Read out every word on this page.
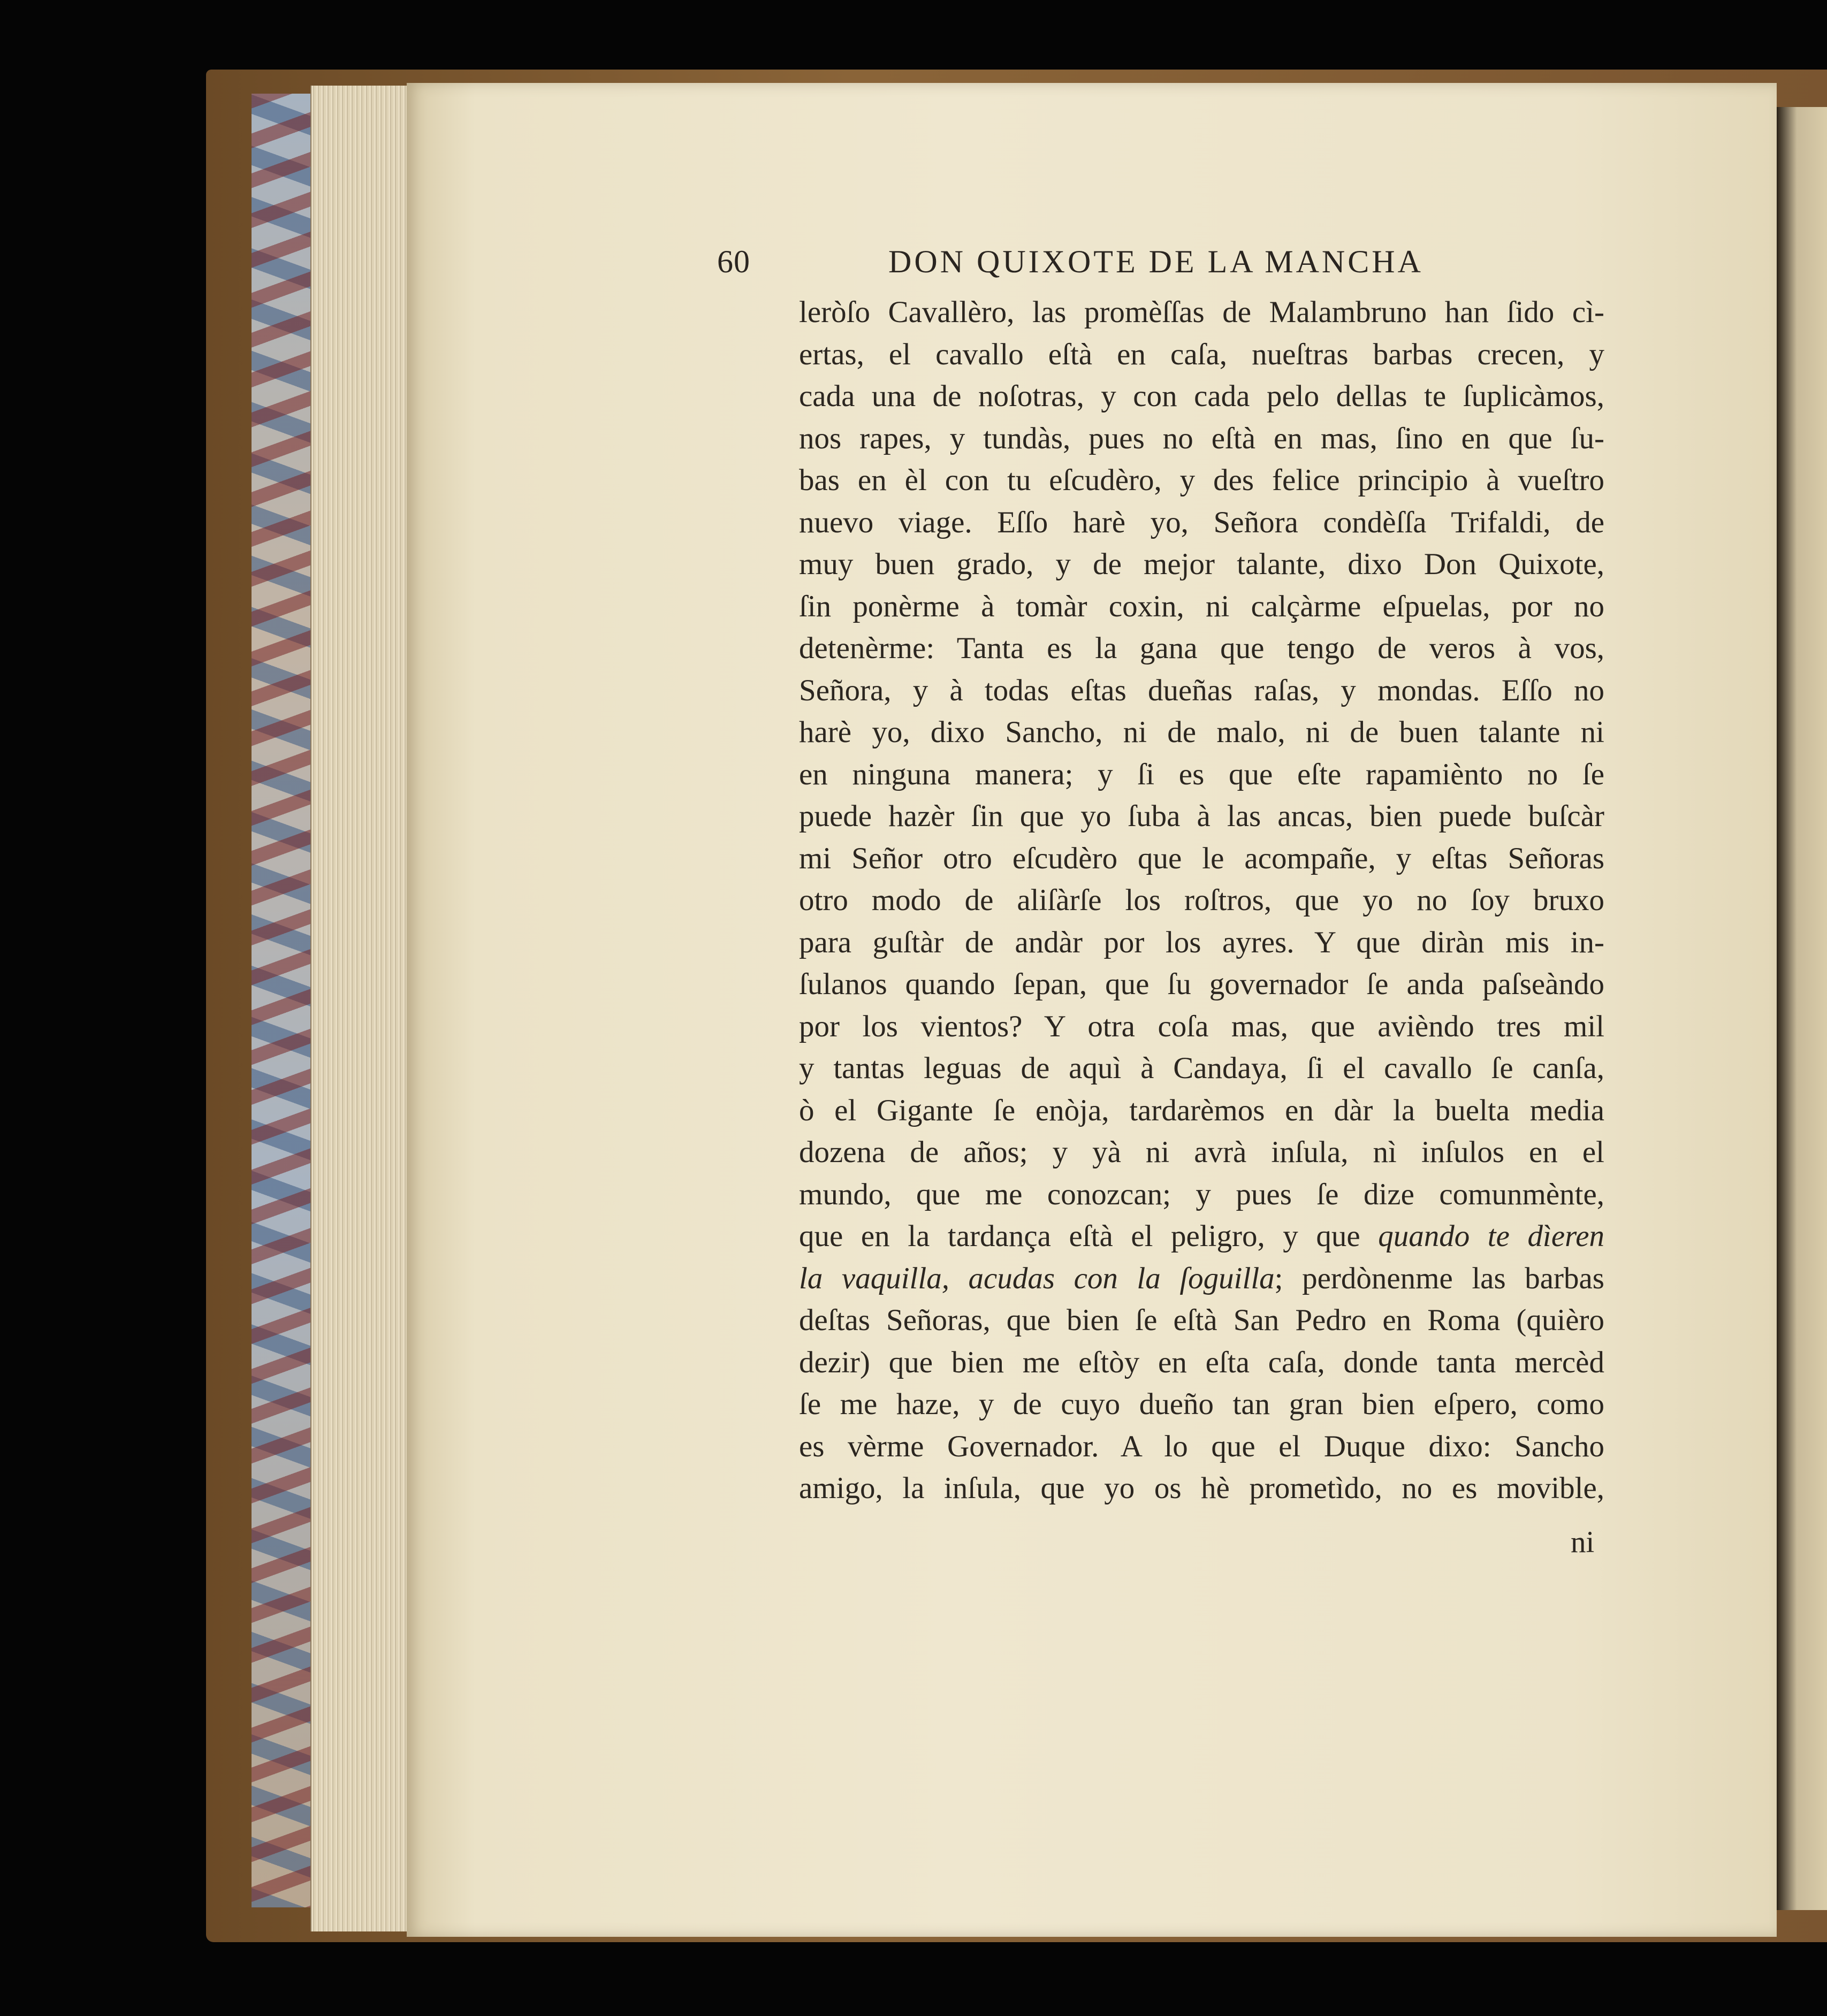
60	DON QUIXOTE DE LA MANCHA
leròſo Cavallèro, las promèſſas de Malambruno han ſido cì-
ertas, el cavallo eſtà en caſa, nueſtras barbas crecen, y
cada una de noſotras, y con cada pelo dellas te ſuplicàmos,
nos rapes, y tundàs, pues no eſtà en mas, ſino en que ſu-
bas en èl con tu eſcudèro, y des felice principio à vueſtro
nuevo viage. Eſſo harè yo, Señora condèſſa Trifaldi, de
muy buen grado, y de mejor talante, dixo Don Quixote,
ſin ponèrme à tomàr coxin, ni calçàrme eſpuelas, por no
detenèrme: Tanta es la gana que tengo de veros à vos,
Señora, y à todas eſtas dueñas raſas, y mondas. Eſſo no
harè yo, dixo Sancho, ni de malo, ni de buen talante ni
en ninguna manera; y ſi es que eſte rapamiènto no ſe
puede hazèr ſin que yo ſuba à las ancas, bien puede buſcàr
mi Señor otro eſcudèro que le acompañe, y eſtas Señoras
otro modo de aliſàrſe los roſtros, que yo no ſoy bruxo
para guſtàr de andàr por los ayres. Y que diràn mis in-
ſulanos quando ſepan, que ſu governador ſe anda paſseàndo
por los vientos? Y otra coſa mas, que avièndo tres mil
y tantas leguas de aquì à Candaya, ſi el cavallo ſe canſa,
ò el Gigante ſe enòja, tardarèmos en dàr la buelta media
dozena de años; y yà ni avrà inſula, nì inſulos en el
mundo, que me conozcan; y pues ſe dize comunmènte,
que en la tardança eſtà el peligro, y que quando te dìeren
la vaquilla, acudas con la ſoguilla; perdònenme las barbas
deſtas Señoras, que bien ſe eſtà San Pedro en Roma (quièro
dezir) que bien me eſtòy en eſta caſa, donde tanta mercèd
ſe me haze, y de cuyo dueño tan gran bien eſpero, como
es vèrme Governador. A lo que el Duque dixo: Sancho
amigo, la inſula, que yo os hè prometìdo, no es movible,
ni
